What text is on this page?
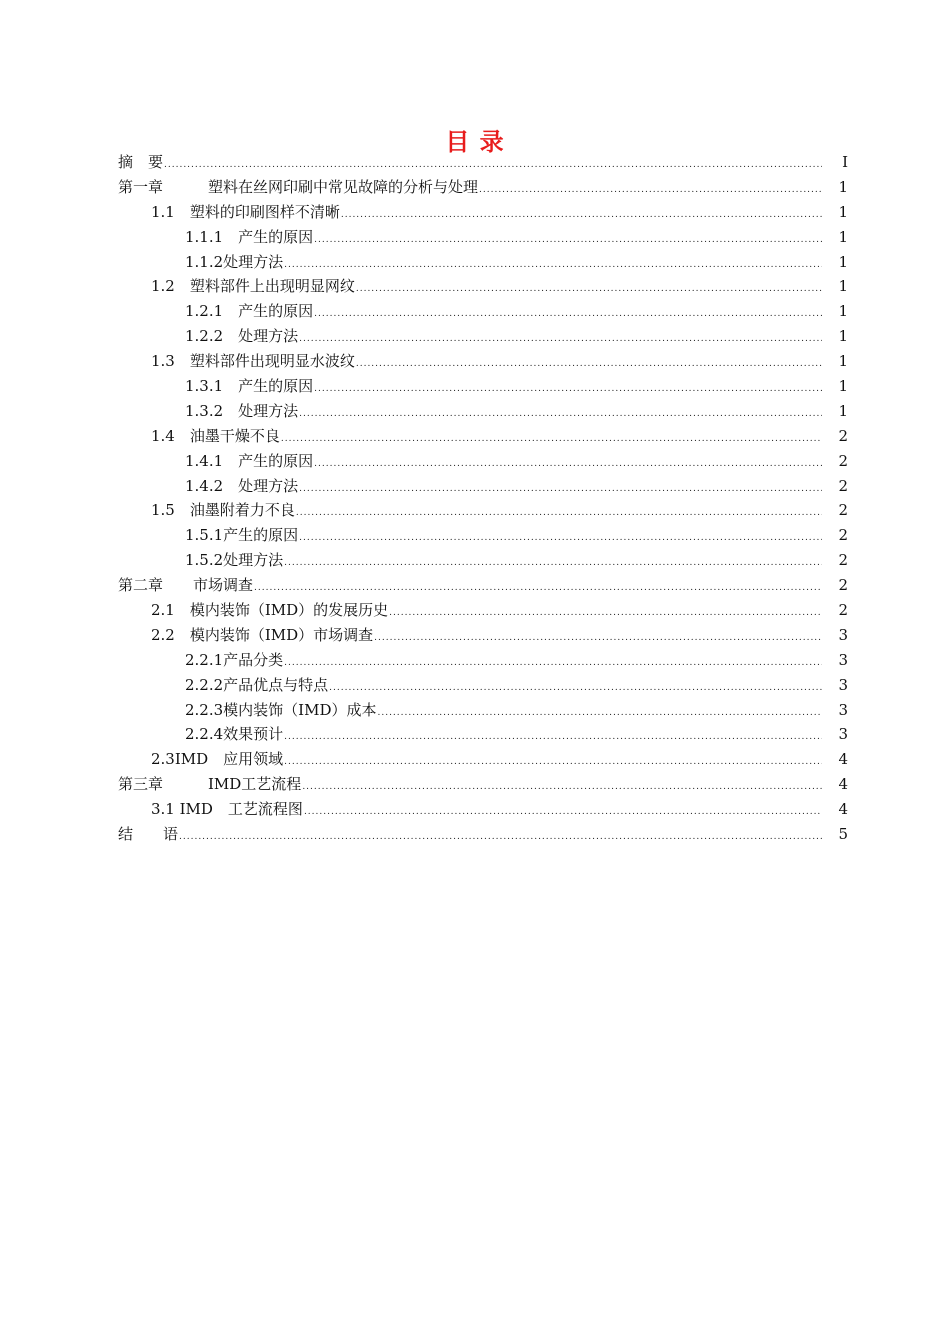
目 录
摘　要 .....	I
第一章　　　塑料在丝网印刷中常见故障的分析与处理 .....	1
1.1　塑料的印刷图样不清晰 .....	1
1.1.1　产生的原因 .....	1
1.1.2处理方法 .....	1
1.2　塑料部件上出现明显网纹 .....	1
1.2.1　产生的原因 .....	1
1.2.2　处理方法 .....	1
1.3　塑料部件出现明显水波纹 .....	1
1.3.1　产生的原因 .....	1
1.3.2　处理方法 .....	1
1.4　油墨干燥不良 .....	2
1.4.1　产生的原因 .....	2
1.4.2　处理方法 .....	2
1.5　油墨附着力不良 .....	2
1.5.1产生的原因 .....	2
1.5.2处理方法 .....	2
第二章　　市场调查 .....	2
2.1　模内装饰（IMD）的发展历史 .....	2
2.2　模内装饰（IMD）市场调查 .....	3
2.2.1产品分类 .....	3
2.2.2产品优点与特点 .....	3
2.2.3模内装饰（IMD）成本 .....	3
2.2.4效果预计 .....	3
2.3IMD　应用领域 .....	4
第三章　　　IMD工艺流程 .....	4
3.1 IMD　工艺流程图 .....	4
结　　语 .....	5
